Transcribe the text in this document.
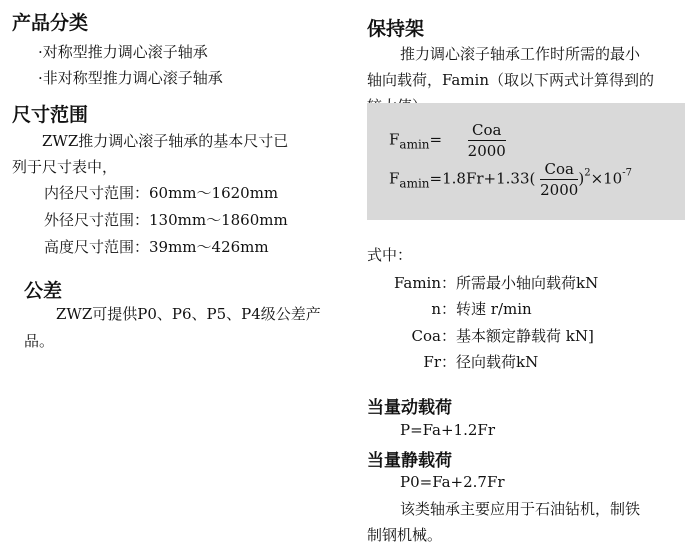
产品分类
·对称型推力调心滚子轴承
·非对称型推力调心滚子轴承
尺寸范围
ZWZ推力调心滚子轴承的基本尺寸已
列于尺寸表中，
内径尺寸范围：60mm～1620mm
外径尺寸范围：130mm～1860mm
高度尺寸范围：39mm～426mm
公差
ZWZ可提供P0、P6、P5、P4级公差产
品。
保持架
推力调心滚子轴承工作时所需的最小
轴向载荷，Famin（取以下两式计算得到的
$F_{amin}= \frac{\text{Coa}}{2000}$
$F_{amin}=1.8Fr+1.33( \frac{\text{Coa}}{2000} )^2\times 10^{-7}$
式中：
Famin： 所需最小轴向载荷kN
n： 转速 r/min
Coa： 基本额定静载荷 kN]
Fr： 径向载荷kN
当量动载荷
P=Fa+1.2Fr
当量静载荷
P0=Fa+2.7Fr
该类轴承主要应用于石油钻机，制铁
制钢机械。
